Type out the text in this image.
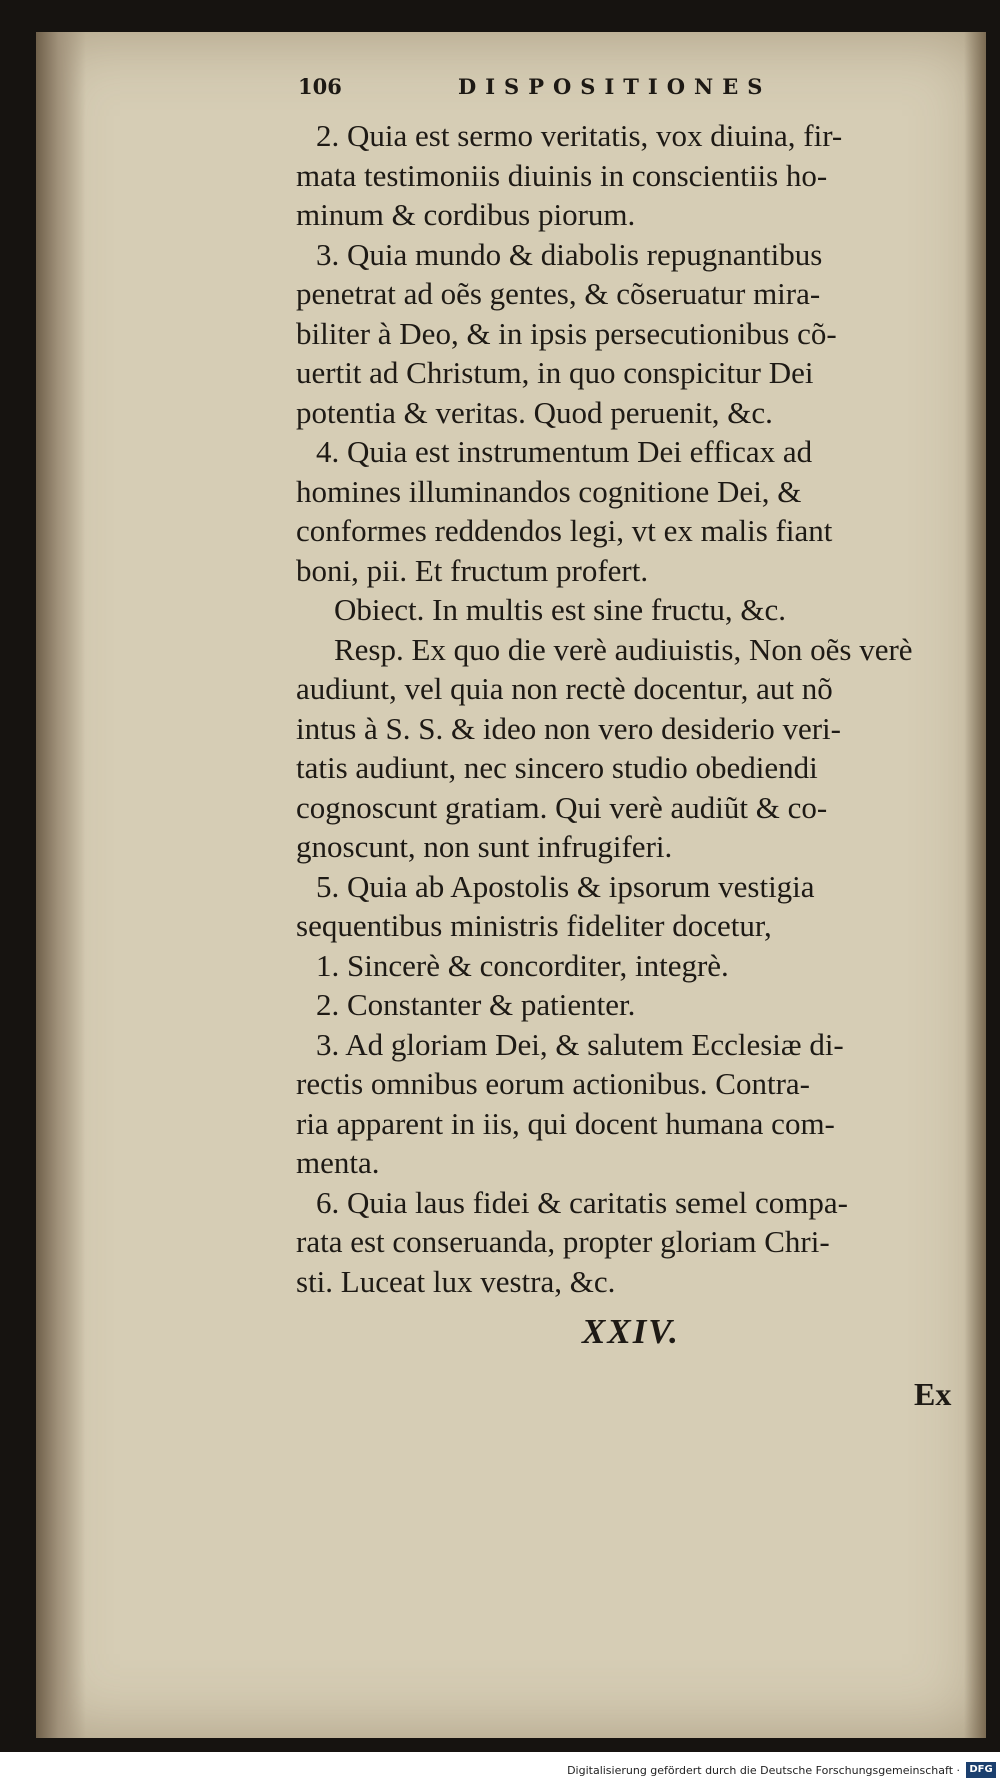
106	DISPOSITIONES
2. Quia est sermo veritatis, vox diuina, fir-
mata testimoniis diuinis in conscientiis ho-
minum & cordibus piorum.
3. Quia mundo & diabolis repugnantibus
penetrat ad oẽs gentes, & cõseruatur mira-
biliter à Deo, & in ipsis persecutionibus cõ-
uertit ad Christum, in quo conspicitur Dei
potentia & veritas. Quod peruenit, &c.
4. Quia est instrumentum Dei efficax ad
homines illuminandos cognitione Dei, &
conformes reddendos legi, vt ex malis fiant
boni, pii. Et fructum profert.
Obiect. In multis est sine fructu, &c.
Resp. Ex quo die verè audiuistis, Non oẽs verè
audiunt, vel quia non rectè docentur, aut nõ
intus à S. S. & ideo non vero desiderio veri-
tatis audiunt, nec sincero studio obediendi
cognoscunt gratiam. Qui verè audiũt & co-
gnoscunt, non sunt infrugiferi.
5. Quia ab Apostolis & ipsorum vestigia
sequentibus ministris fideliter docetur,
1. Sincerè & concorditer, integrè.
2. Constanter & patienter.
3. Ad gloriam Dei, & salutem Ecclesiæ di-
rectis omnibus eorum actionibus. Contra-
ria apparent in iis, qui docent humana com-
menta.
6. Quia laus fidei & caritatis semel compa-
rata est conseruanda, propter gloriam Chri-
sti. Luceat lux vestra, &c.
XXIV.
Ex
Digitalisierung gefördert durch die Deutsche Forschungsgemeinschaft · DFG
